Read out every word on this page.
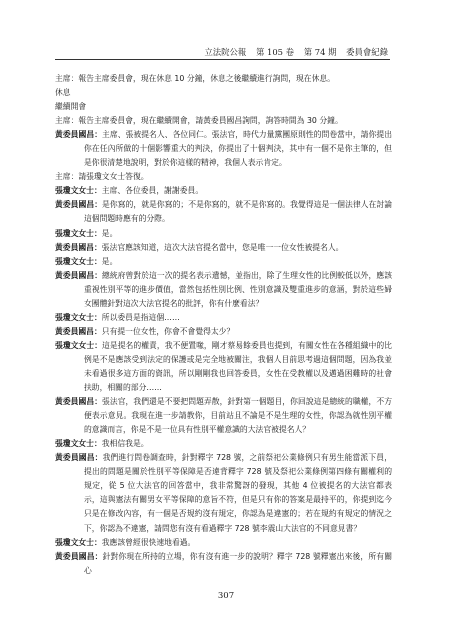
立法院公報 第 105 卷 第 74 期 委員會紀錄

主席：報告主席委員會，現在休息 10 分鐘，休息之後繼續進行詢問，現在休息。

休息

繼續開會

主席：報告主席委員會，現在繼續開會，請黃委員國昌詢問，詢答時間為 30 分鐘。

黃委員國昌：主席、張被提名人、各位同仁。張法官，時代力量黨團原則性的問卷當中，請你提出你在任內所做的十個影響重大的判決，你提出了十個判決，其中有一個不是你主筆的，但是你很清楚地說明，對於你這樣的精神，我個人表示肯定。

主席：請張瓊文女士答復。

張瓊文女士：主席、各位委員，謝謝委員。

黃委員國昌：是你寫的，就是你寫的；不是你寫的，就不是你寫的。我覺得這是一個法律人在討論這個問題時應有的分際。

張瓊文女士：是。

黃委員國昌：張法官應該知道，這次大法官提名當中，您是唯一一位女性被提名人。

張瓊文女士：是。

黃委員國昌：總統府曾對於這一次的提名表示遺憾，並指出，除了生理女性的比例較低以外，應該重視性別平等的進步價值，當然包括性別比例、性別意識及雙重進步的意涵，對於這些婦女團體針對這次大法官提名的批評，你有什麼看法？

張瓊文女士：所以委員是指這個……

黃委員國昌：只有提一位女性，你會不會覺得太少？

張瓊文女士：這是提名的權責，我不便置喙，剛才蔡易餘委員也提到，有關女性在各種組織中的比例是不是應該受到法定的保護或是完全地被關注，我個人目前思考過這個問題，因為我並未看過很多這方面的資訊，所以剛剛我也回答委員，女性在受教權以及邁過困難時的社會扶助，相關的部分……

黃委員國昌：張法官，我們還是不要把問題弄散，針對第一個題目，你回說這是總統的職權，不方便表示意見。我現在進一步請教你，目前站且不論是不是生理的女性，你認為就性別平權的意識而言，你是不是一位具有性別平權意識的大法官被提名人？

張瓊文女士：我相信我是。

黃委員國昌：我們進行問卷調查時，針對釋字 728 號，之前祭祀公業條例只有男生能當派下員，提出的問題是關於性別平等保障是否違背釋字 728 號及祭祀公業條例第四條有關權利的規定，從 5 位大法官的回答當中，我非常驚訝的發現，其他 4 位被提名的大法官都表示，這與憲法有關男女平等保障的意旨不符，但是只有你的答案是最持平的，你提到迄今只是在修改內容，有一個是否規約沒有規定，你認為是違憲的；若在規約有規定的情況之下，你認為不違憲，請問您有沒有看過釋字 728 號李震山大法官的不同意見書？

張瓊文女士：我應該曾經很快速地看過。

黃委員國昌：針對你現在所持的立場，你有沒有進一步的說明？釋字 728 號釋憲出來後，所有關心

307
